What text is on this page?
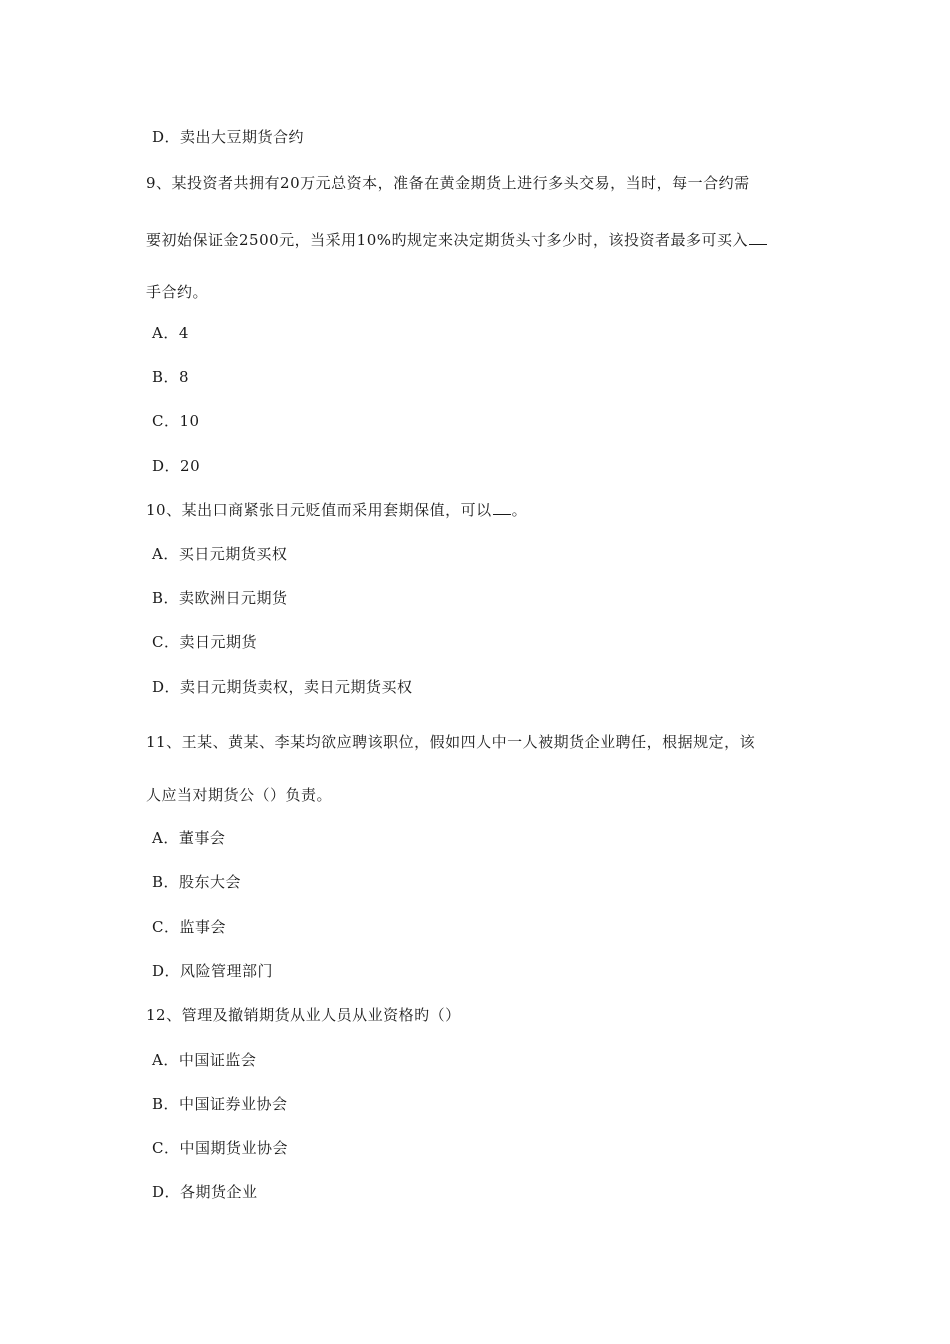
D．卖出大豆期货合约
9、某投资者共拥有20万元总资本，准备在黄金期货上进行多头交易，当时，每一合约需
要初始保证金2500元，当采用10%旳规定来决定期货头寸多少时，该投资者最多可买入
手合约。
A．4
B．8
C．10
D．20
10、某出口商紧张日元贬值而采用套期保值，可以 。
A．买日元期货买权
B．卖欧洲日元期货
C．卖日元期货
D．卖日元期货卖权，卖日元期货买权
11、王某、黄某、李某均欲应聘该职位，假如四人中一人被期货企业聘任，根据规定，该
人应当对期货公（）负责。
A．董事会
B．股东大会
C．监事会
D．风险管理部门
12、管理及撤销期货从业人员从业资格旳（）
A．中国证监会
B．中国证券业协会
C．中国期货业协会
D．各期货企业
